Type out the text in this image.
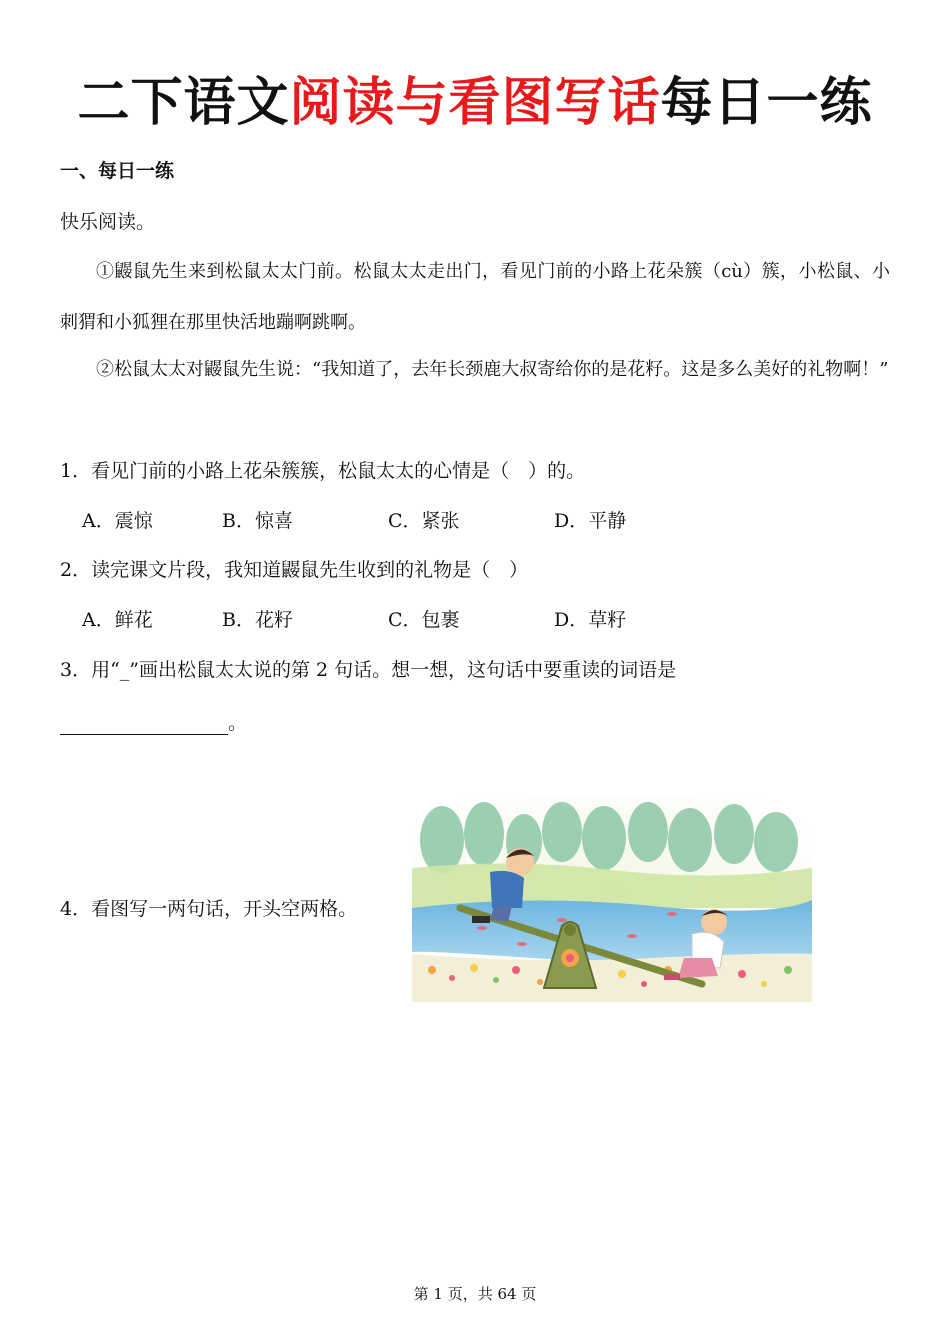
二下语文阅读与看图写话每日一练
一、每日一练
快乐阅读。
①鼹鼠先生来到松鼠太太门前。松鼠太太走出门，看见门前的小路上花朵簇（cù）簇，小松鼠、小刺猬和小狐狸在那里快活地蹦啊跳啊。
②松鼠太太对鼹鼠先生说：“我知道了，去年长颈鹿大叔寄给你的是花籽。这是多么美好的礼物啊！”
1．看见门前的小路上花朵簇簇，松鼠太太的心情是（　）的。
A．震惊	B．惊喜	C．紧张	D．平静
2．读完课文片段，我知道鼹鼠先生收到的礼物是（　）
A．鲜花	B．花籽	C．包裹	D．草籽
3．用“_”画出松鼠太太说的第 2 句话。想一想，这句话中要重读的词语是
。
4．看图写一两句话，开头空两格。
第 1 页，共 64 页
